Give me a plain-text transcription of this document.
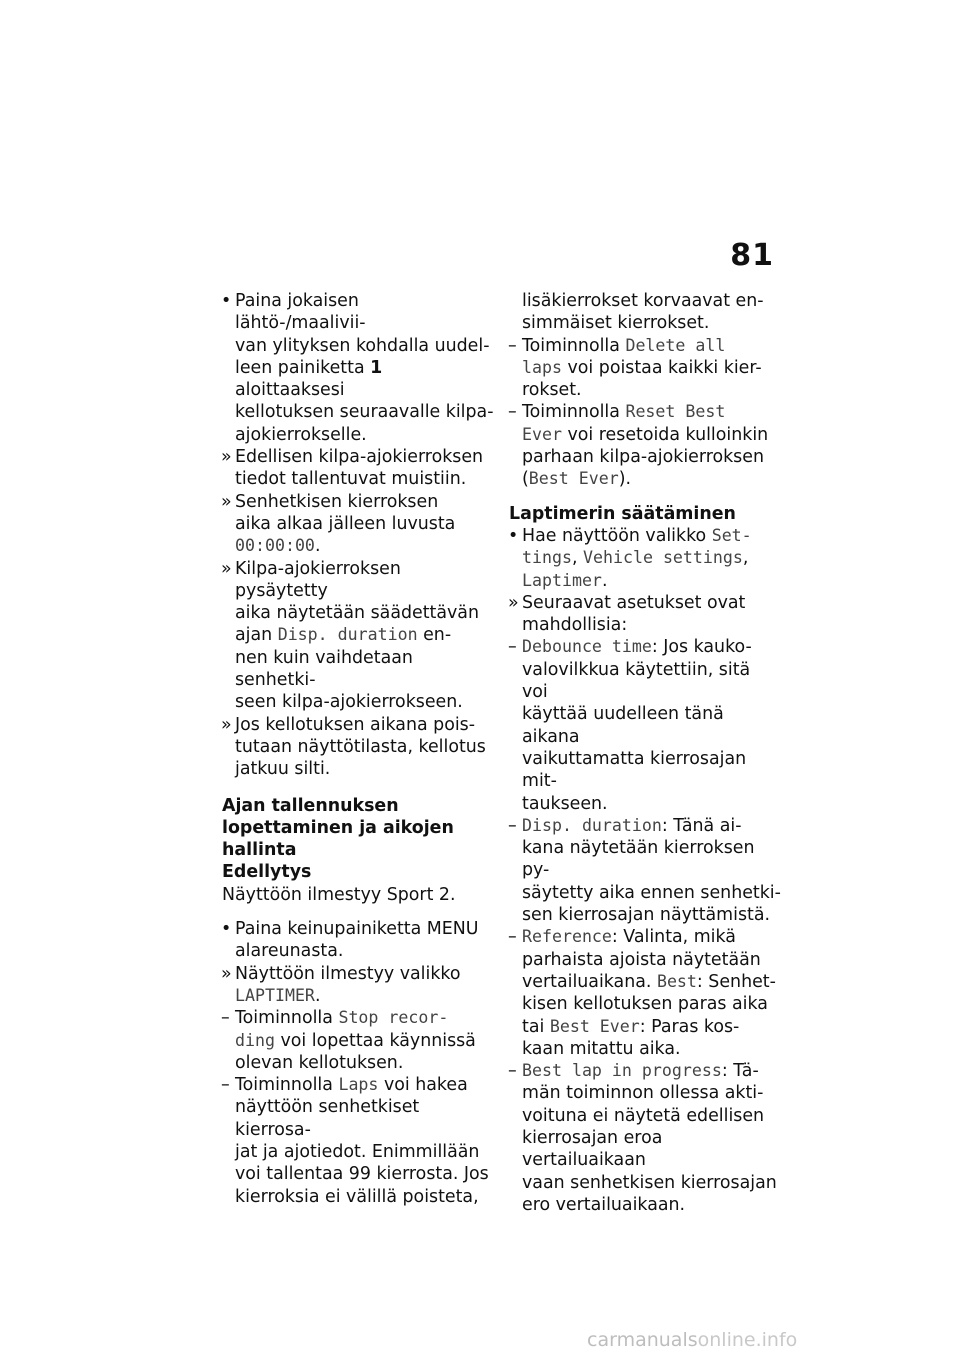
81
• Paina jokaisen lähtö-/maalivii-
van ylityksen kohdalla uudel-
leen painiketta 1 aloittaaksesi
kellotuksen seuraavalle kilpa-
ajokierrokselle.
» Edellisen kilpa-ajokierroksen
tiedot tallentuvat muistiin.
» Senhetkisen kierroksen
aika alkaa jälleen luvusta
00:00:00.
» Kilpa-ajokierroksen pysäytetty
aika näytetään säädettävän
ajan Disp. duration en-
nen kuin vaihdetaan senhetki-
seen kilpa-ajokierrokseen.
» Jos kellotuksen aikana pois-
tutaan näyttötilasta, kellotus
jatkuu silti.

Ajan tallennuksen
lopettaminen ja aikojen
hallinta

Edellytys

Näyttöön ilmestyy Sport 2.

• Paina keinupainiketta MENU
alareunasta.
» Näyttöön ilmestyy valikko
LAPTIMER.
– Toiminnolla Stop recor-
ding voi lopettaa käynnissä
olevan kellotuksen.
– Toiminnolla Laps voi hakea
näyttöön senhetkiset kierrosa-
jat ja ajotiedot. Enimmillään
voi tallentaa 99 kierrosta. Jos
kierroksia ei välillä poisteta,
lisäkierrokset korvaavat en-
simmäiset kierrokset.
– Toiminnolla Delete all
laps voi poistaa kaikki kier-
rokset.
– Toiminnolla Reset Best
Ever voi resetoida kulloinkin
parhaan kilpa-ajokierroksen
(Best Ever).

Laptimerin säätäminen

• Hae näyttöön valikko Set-
tings, Vehicle settings,
Laptimer.
» Seuraavat asetukset ovat
mahdollisia:
– Debounce time: Jos kauko-
valovilkkua käytettiin, sitä voi
käyttää uudelleen tänä aikana
vaikuttamatta kierrosajan mit-
taukseen.
– Disp. duration: Tänä ai-
kana näytetään kierroksen py-
säytetty aika ennen senhetki-
sen kierrosajan näyttämistä.
– Reference: Valinta, mikä
parhaista ajoista näytetään
vertailuaikana. Best: Senhet-
kisen kellotuksen paras aika
tai Best Ever: Paras kos-
kaan mitattu aika.
– Best lap in progress: Tä-
män toiminnon ollessa akti-
voituna ei näytetä edellisen
kierrosajan eroa vertailuaikaan
vaan senhetkisen kierrosajan
ero vertailuaikaan.
carmanualsonline.info
